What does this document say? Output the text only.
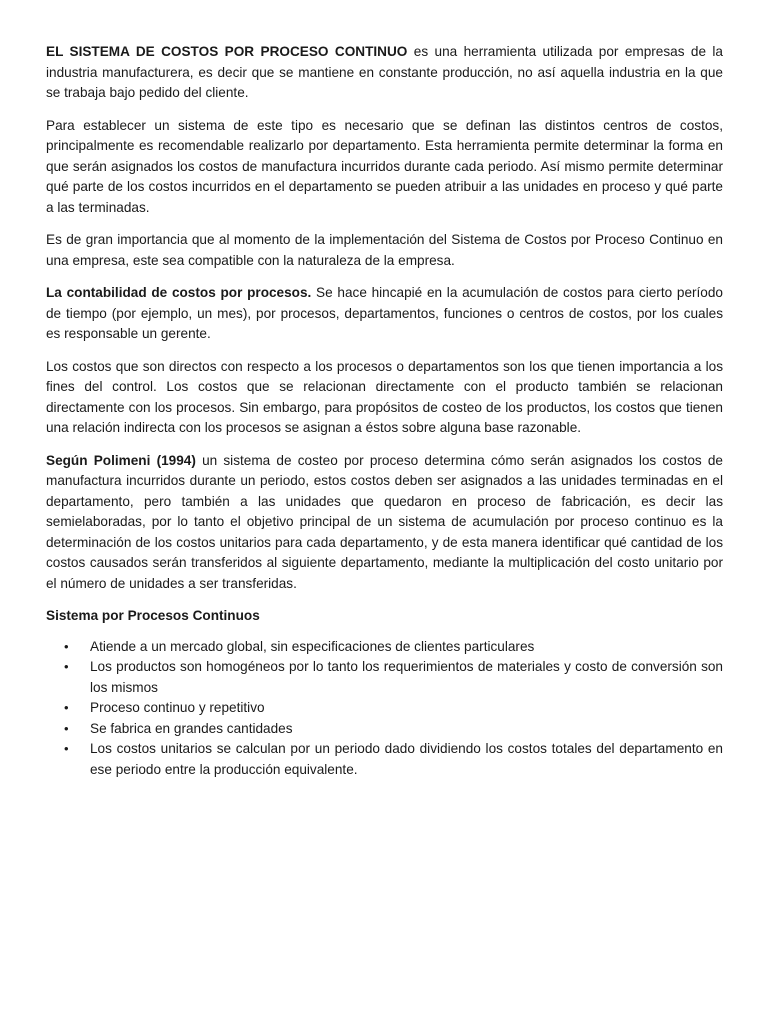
EL SISTEMA DE COSTOS POR PROCESO CONTINUO es una herramienta utilizada por empresas de la industria manufacturera, es decir que se mantiene en constante producción, no así aquella industria en la que se trabaja bajo pedido del cliente.

Para establecer un sistema de este tipo es necesario que se definan las distintos centros de costos, principalmente es recomendable realizarlo por departamento. Esta herramienta permite determinar la forma en que serán asignados los costos de manufactura incurridos durante cada periodo. Así mismo permite determinar qué parte de los costos incurridos en el departamento se pueden atribuir a las unidades en proceso y qué parte a las terminadas.

Es de gran importancia que al momento de la implementación del Sistema de Costos por Proceso Continuo en una empresa, este sea compatible con la naturaleza de la empresa.

La contabilidad de costos por procesos. Se hace hincapié en la acumulación de costos para cierto período de tiempo (por ejemplo, un mes), por procesos, departamentos, funciones o centros de costos, por los cuales es responsable un gerente.

Los costos que son directos con respecto a los procesos o departamentos son los que tienen importancia a los fines del control. Los costos que se relacionan directamente con el producto también se relacionan directamente con los procesos. Sin embargo, para propósitos de costeo de los productos, los costos que tienen una relación indirecta con los procesos se asignan a éstos sobre alguna base razonable.

Según Polimeni (1994) un sistema de costeo por proceso determina cómo serán asignados los costos de manufactura incurridos durante un periodo, estos costos deben ser asignados a las unidades terminadas en el departamento, pero también a las unidades que quedaron en proceso de fabricación, es decir las semielaboradas, por lo tanto el objetivo principal de un sistema de acumulación por proceso continuo es la determinación de los costos unitarios para cada departamento, y de esta manera identificar qué cantidad de los costos causados serán transferidos al siguiente departamento, mediante la multiplicación del costo unitario por el número de unidades a ser transferidas.

Sistema por Procesos Continuos

• Atiende a un mercado global, sin especificaciones de clientes particulares
• Los productos son homogéneos por lo tanto los requerimientos de materiales y costo de conversión son los mismos
• Proceso continuo y repetitivo
• Se fabrica en grandes cantidades
• Los costos unitarios se calculan por un periodo dado dividiendo los costos totales del departamento en ese periodo entre la producción equivalente.
